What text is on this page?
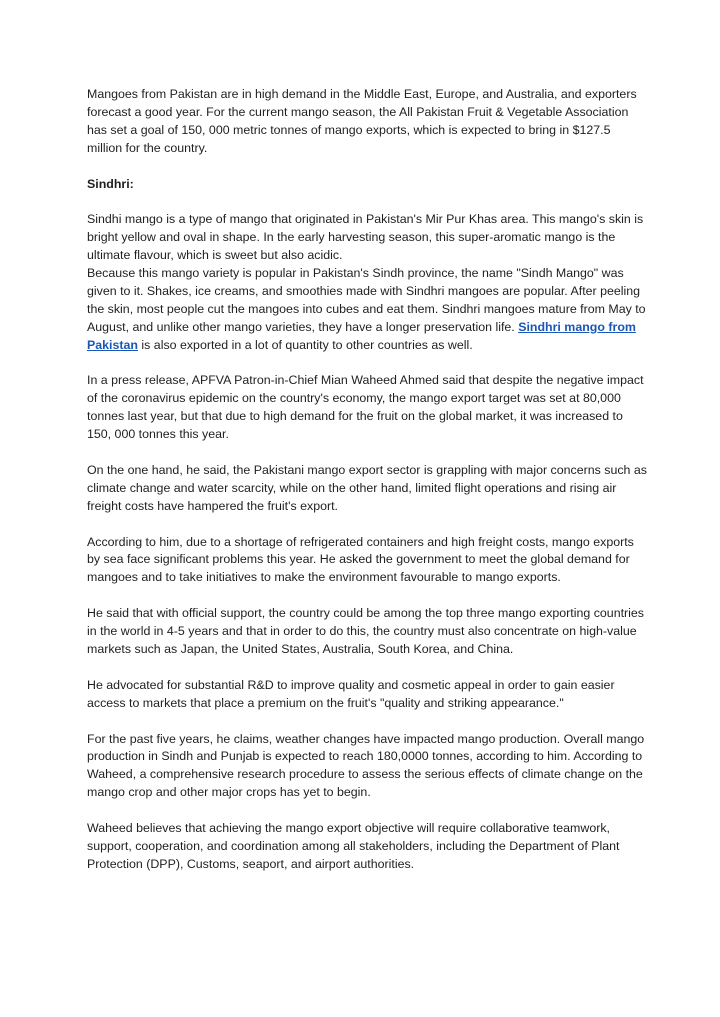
Mangoes from Pakistan are in high demand in the Middle East, Europe, and Australia, and exporters forecast a good year. For the current mango season, the All Pakistan Fruit & Vegetable Association has set a goal of 150, 000 metric tonnes of mango exports, which is expected to bring in $127.5 million for the country.

Sindhri:

Sindhi mango is a type of mango that originated in Pakistan's Mir Pur Khas area. This mango's skin is bright yellow and oval in shape. In the early harvesting season, this super-aromatic mango is the ultimate flavour, which is sweet but also acidic.
Because this mango variety is popular in Pakistan's Sindh province, the name "Sindh Mango" was given to it. Shakes, ice creams, and smoothies made with Sindhri mangoes are popular. After peeling the skin, most people cut the mangoes into cubes and eat them. Sindhri mangoes mature from May to August, and unlike other mango varieties, they have a longer preservation life. Sindhri mango from Pakistan is also exported in a lot of quantity to other countries as well.

In a press release, APFVA Patron-in-Chief Mian Waheed Ahmed said that despite the negative impact of the coronavirus epidemic on the country's economy, the mango export target was set at 80,000 tonnes last year, but that due to high demand for the fruit on the global market, it was increased to 150, 000 tonnes this year.

On the one hand, he said, the Pakistani mango export sector is grappling with major concerns such as climate change and water scarcity, while on the other hand, limited flight operations and rising air freight costs have hampered the fruit's export.

According to him, due to a shortage of refrigerated containers and high freight costs, mango exports by sea face significant problems this year. He asked the government to meet the global demand for mangoes and to take initiatives to make the environment favourable to mango exports.

He said that with official support, the country could be among the top three mango exporting countries in the world in 4-5 years and that in order to do this, the country must also concentrate on high-value markets such as Japan, the United States, Australia, South Korea, and China.

He advocated for substantial R&D to improve quality and cosmetic appeal in order to gain easier access to markets that place a premium on the fruit's "quality and striking appearance."

For the past five years, he claims, weather changes have impacted mango production. Overall mango production in Sindh and Punjab is expected to reach 180,0000 tonnes, according to him. According to Waheed, a comprehensive research procedure to assess the serious effects of climate change on the mango crop and other major crops has yet to begin.

Waheed believes that achieving the mango export objective will require collaborative teamwork, support, cooperation, and coordination among all stakeholders, including the Department of Plant Protection (DPP), Customs, seaport, and airport authorities.
